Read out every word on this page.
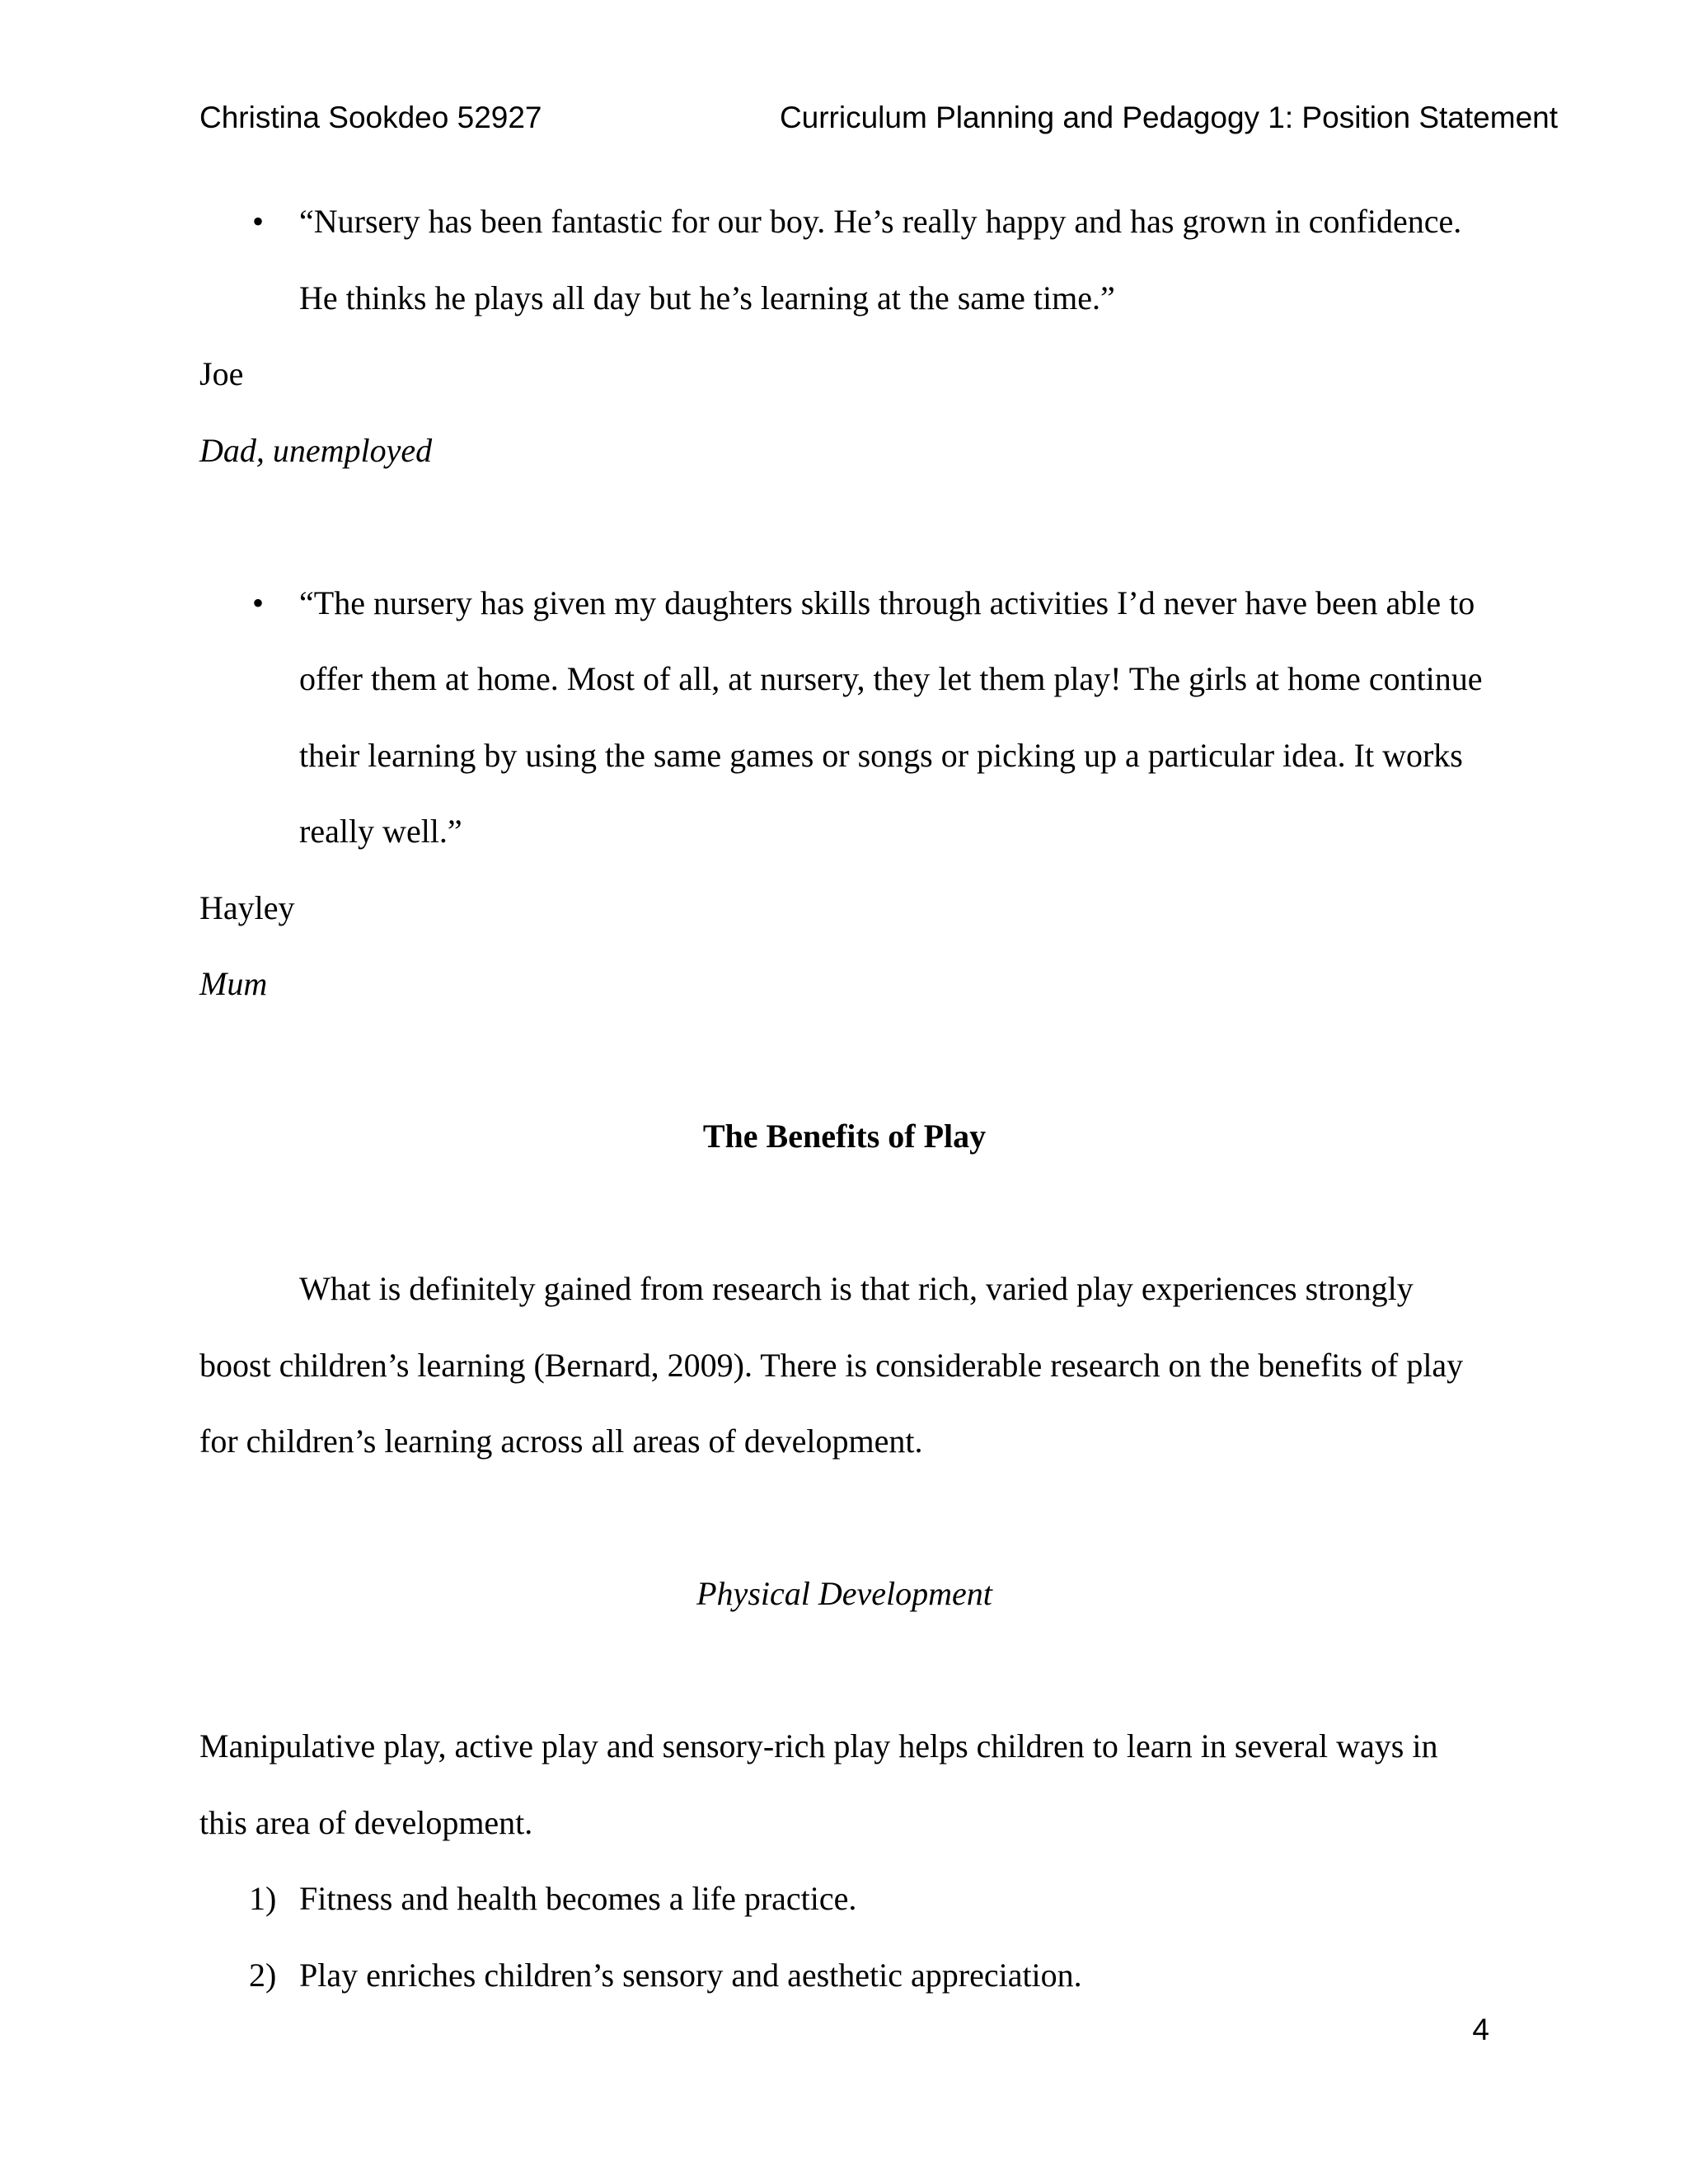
Christina Sookdeo 52927	Curriculum Planning and Pedagogy 1: Position Statement
• “Nursery has been fantastic for our boy. He’s really happy and has grown in confidence.
He thinks he plays all day but he’s learning at the same time.”
Joe
Dad, unemployed
• “The nursery has given my daughters skills through activities I’d never have been able to
offer them at home. Most of all, at nursery, they let them play! The girls at home continue
their learning by using the same games or songs or picking up a particular idea. It works
really well.”
Hayley
Mum
The Benefits of Play
What is definitely gained from research is that rich, varied play experiences strongly
boost children’s learning (Bernard, 2009). There is considerable research on the benefits of play
for children’s learning across all areas of development.
Physical Development
Manipulative play, active play and sensory-rich play helps children to learn in several ways in
this area of development.
1) Fitness and health becomes a life practice.
2) Play enriches children’s sensory and aesthetic appreciation.
4
